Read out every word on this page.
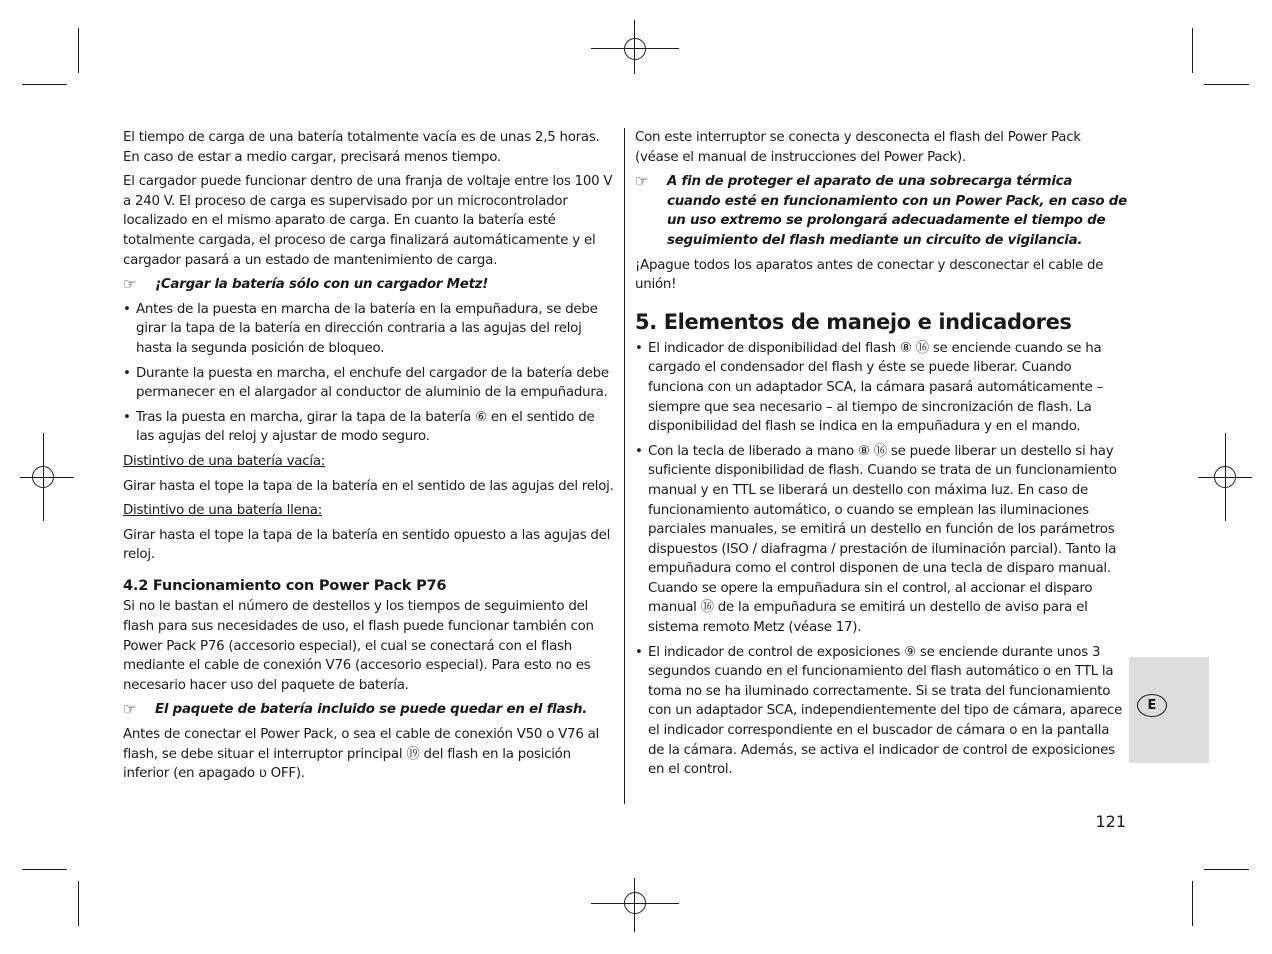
El tiempo de carga de una batería totalmente vacía es de unas 2,5 horas. En caso de estar a medio cargar, precisará menos tiempo.

El cargador puede funcionar dentro de una franja de voltaje entre los 100 V a 240 V. El proceso de carga es supervisado por un microcontrolador localizado en el mismo aparato de carga. En cuanto la batería esté totalmente cargada, el proceso de carga finalizará automáticamente y el cargador pasará a un estado de mantenimiento de carga.

☞	¡Cargar la batería sólo con un cargador Metz!
• Antes de la puesta en marcha de la batería en la empuñadura, se debe girar la tapa de la batería en dirección contraria a las agujas del reloj hasta la segunda posición de bloqueo.
• Durante la puesta en marcha, el enchufe del cargador de la batería debe permanecer en el alargador al conductor de aluminio de la empuñadura.
• Tras la puesta en marcha, girar la tapa de la batería ⑥ en el sentido de las agujas del reloj y ajustar de modo seguro.

Distintivo de una batería vacía:

Girar hasta el tope la tapa de la batería en el sentido de las agujas del reloj.

Distintivo de una batería llena:

Girar hasta el tope la tapa de la batería en sentido opuesto a las agujas del reloj.

4.2 Funcionamiento con Power Pack P76

Si no le bastan el número de destellos y los tiempos de seguimiento del flash para sus necesidades de uso, el flash puede funcionar también con Power Pack P76 (accesorio especial), el cual se conectará con el flash mediante el cable de conexión V76 (accesorio especial). Para esto no es necesario hacer uso del paquete de batería.

☞	El paquete de batería incluido se puede quedar en el flash.

Antes de conectar el Power Pack, o sea el cable de conexión V50 o V76 al flash, se debe situar el interruptor principal ⑲ del flash en la posición inferior (en apagado ʋ OFF).

Con este interruptor se conecta y desconecta el flash del Power Pack (véase el manual de instrucciones del Power Pack).

☞	A fin de proteger el aparato de una sobrecarga térmica cuando esté en funcionamiento con un Power Pack, en caso de un uso extremo se prolongará adecuadamente el tiempo de seguimiento del flash mediante un circuito de vigilancia.

¡Apague todos los aparatos antes de conectar y desconectar el cable de unión!

5. Elementos de manejo e indicadores

• El indicador de disponibilidad del flash ⑧ ⑯ se enciende cuando se ha cargado el condensador del flash y éste se puede liberar. Cuando funciona con un adaptador SCA, la cámara pasará automáticamente – siempre que sea necesario – al tiempo de sincronización de flash. La disponibilidad del flash se indica en la empuñadura y en el mando.
• Con la tecla de liberado a mano ⑧ ⑯ se puede liberar un destello si hay suficiente disponibilidad de flash. Cuando se trata de un funcionamiento manual y en TTL se liberará un destello con máxima luz. En caso de funcionamiento automático, o cuando se emplean las iluminaciones parciales manuales, se emitirá un destello en función de los parámetros dispuestos (ISO / diafragma / prestación de iluminación parcial). Tanto la empuñadura como el control disponen de una tecla de disparo manual.
Cuando se opere la empuñadura sin el control, al accionar el disparo manual ⑯ de la empuñadura se emitirá un destello de aviso para el sistema remoto Metz (véase 17).
• El indicador de control de exposiciones ⑨ se enciende durante unos 3 segundos cuando en el funcionamiento del flash automático o en TTL la toma no se ha iluminado correctamente. Si se trata del funcionamiento con un adaptador SCA, independientemente del tipo de cámara, aparece el indicador correspondiente en el buscador de cámara o en la pantalla de la cámara. Además, se activa el indicador de control de exposiciones en el control.
E
121
